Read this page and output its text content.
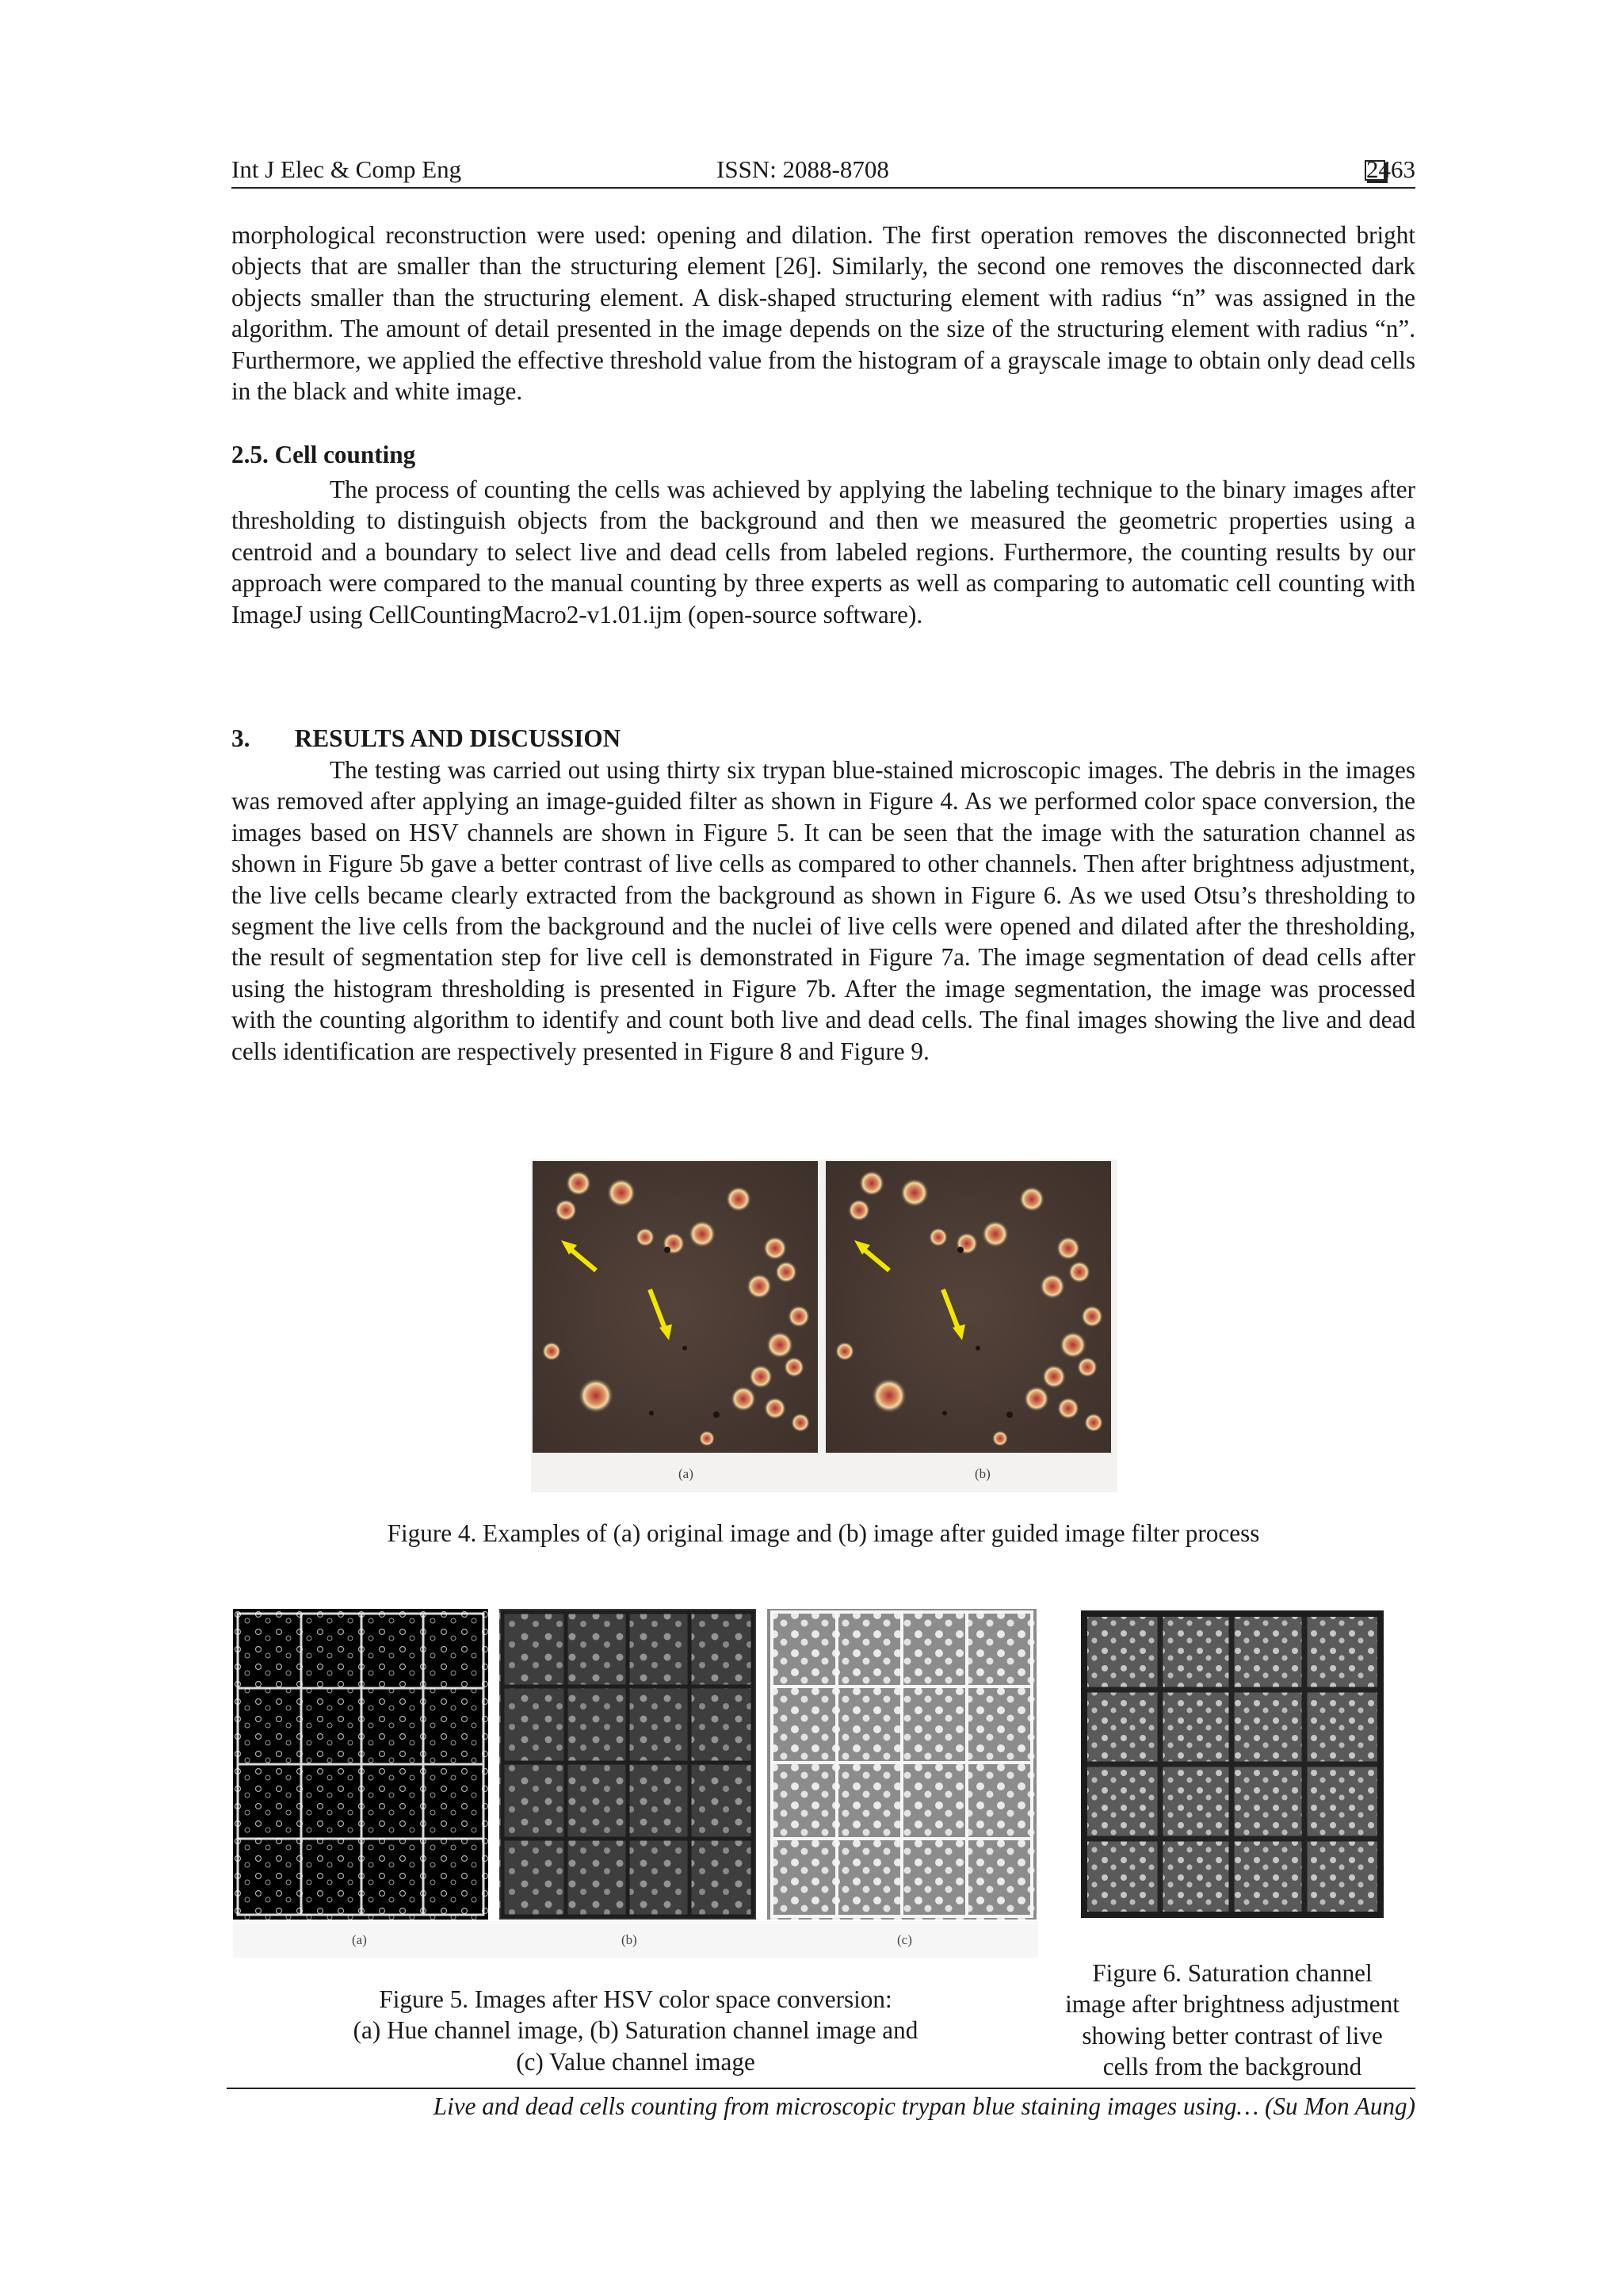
Int J Elec & Comp Eng	ISSN: 2088-8708	2463

morphological reconstruction were used: opening and dilation. The first operation removes the disconnected bright objects that are smaller than the structuring element [26]. Similarly, the second one removes the disconnected dark objects smaller than the structuring element. A disk-shaped structuring element with radius “n” was assigned in the algorithm. The amount of detail presented in the image depends on the size of the structuring element with radius “n”. Furthermore, we applied the effective threshold value from the histogram of a grayscale image to obtain only dead cells in the black and white image.

2.5. Cell counting

The process of counting the cells was achieved by applying the labeling technique to the binary images after thresholding to distinguish objects from the background and then we measured the geometric properties using a centroid and a boundary to select live and dead cells from labeled regions. Furthermore, the counting results by our approach were compared to the manual counting by three experts as well as comparing to automatic cell counting with ImageJ using CellCountingMacro2-v1.01.ijm (open-source software).

3. RESULTS AND DISCUSSION

The testing was carried out using thirty six trypan blue-stained microscopic images. The debris in the images was removed after applying an image-guided filter as shown in Figure 4. As we performed color space conversion, the images based on HSV channels are shown in Figure 5. It can be seen that the image with the saturation channel as shown in Figure 5b gave a better contrast of live cells as compared to other channels. Then after brightness adjustment, the live cells became clearly extracted from the background as shown in Figure 6. As we used Otsu’s thresholding to segment the live cells from the background and the nuclei of live cells were opened and dilated after the thresholding, the result of segmentation step for live cell is demonstrated in Figure 7a. The image segmentation of dead cells after using the histogram thresholding is presented in Figure 7b. After the image segmentation, the image was processed with the counting algorithm to identify and count both live and dead cells. The final images showing the live and dead cells identification are respectively presented in Figure 8 and Figure 9.

(a)	(b)

Figure 4. Examples of (a) original image and (b) image after guided image filter process

(a)	(b)	(c)
Figure 5. Images after HSV color space conversion:
(a) Hue channel image, (b) Saturation channel image and
(c) Value channel image
Figure 6. Saturation channel
image after brightness adjustment
showing better contrast of live
cells from the background
Live and dead cells counting from microscopic trypan blue staining images using… (Su Mon Aung)
